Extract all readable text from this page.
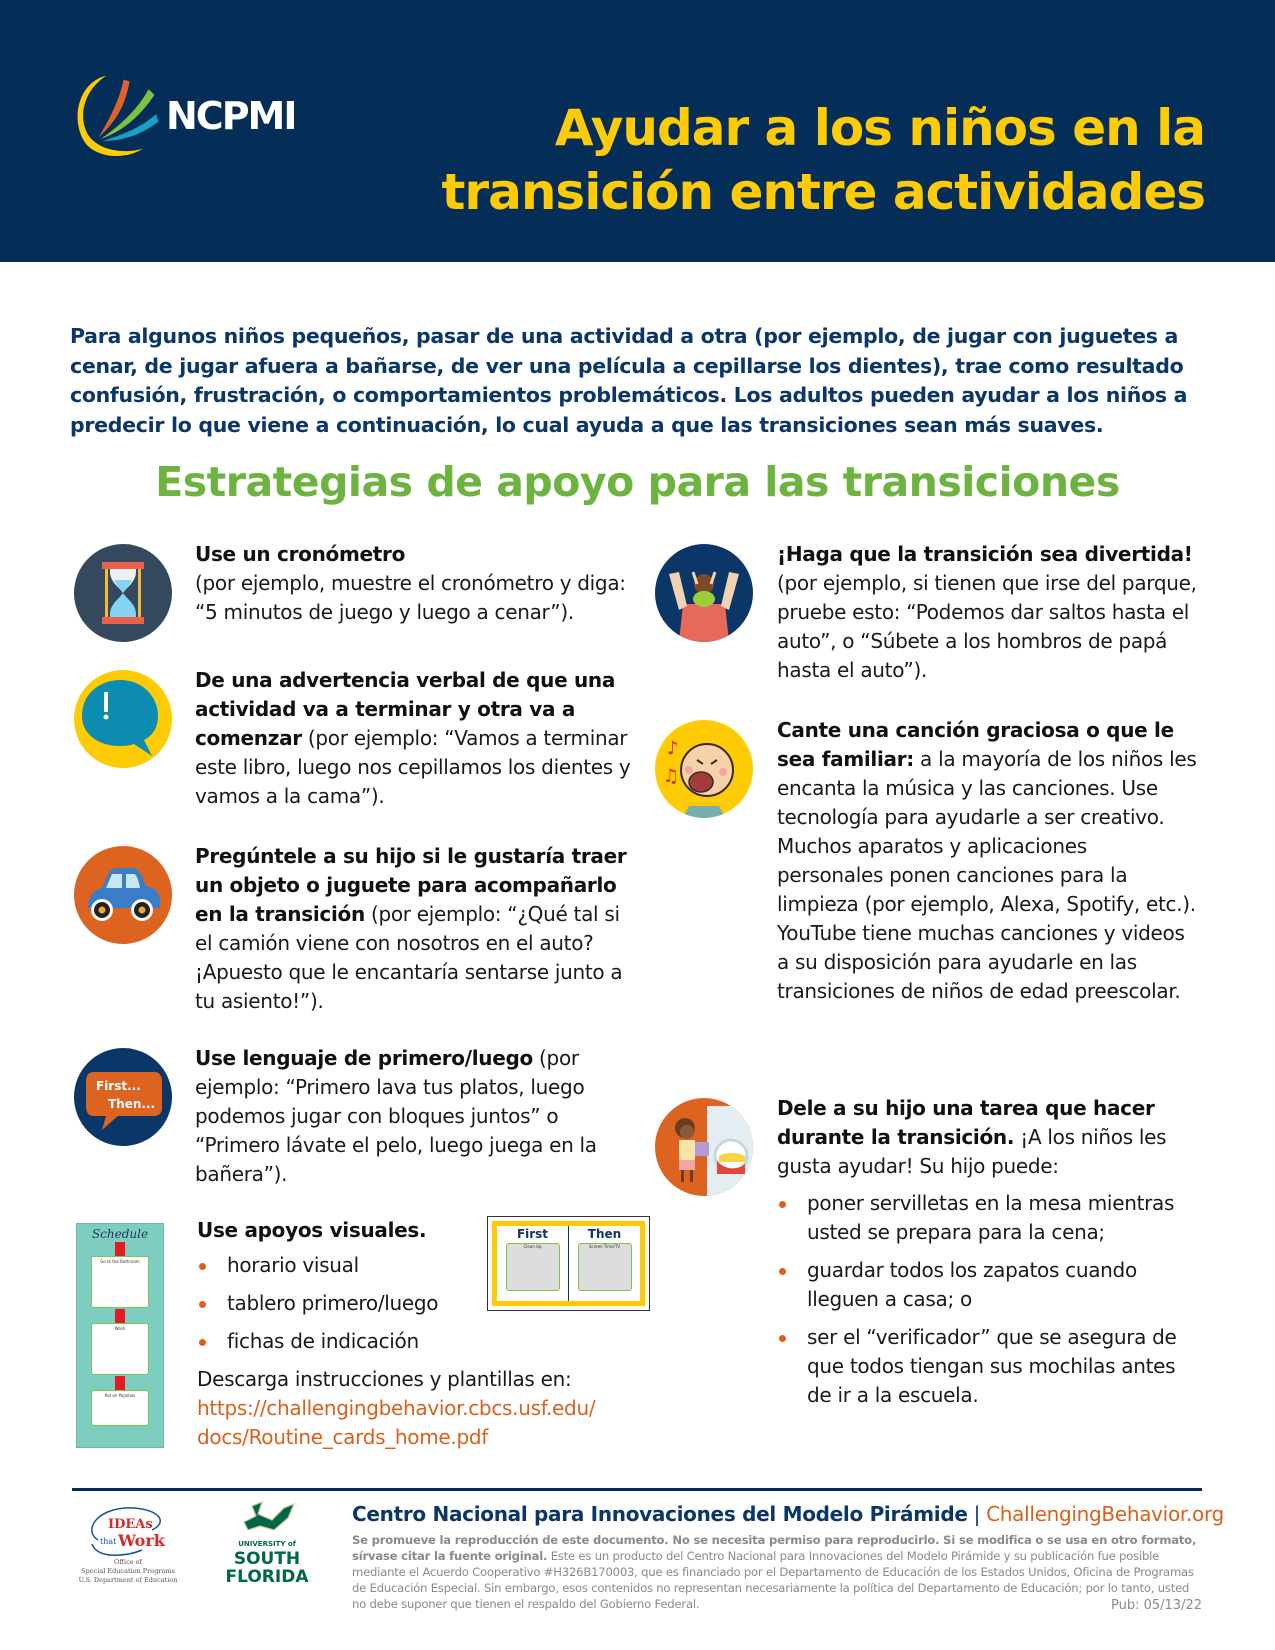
NCPMI	Ayudar a los niños en la
transición entre actividades

Para algunos niños pequeños, pasar de una actividad a otra (por ejemplo, de jugar con juguetes a cenar, de jugar afuera a bañarse, de ver una película a cepillarse los dientes), trae como resultado confusión, frustración, o comportamientos problemáticos. Los adultos pueden ayudar a los niños a predecir lo que viene a continuación, lo cual ayuda a que las transiciones sean más suaves.

Estrategias de apoyo para las transiciones
Use un cronómetro
(por ejemplo, muestre el cronómetro y diga: “5 minutos de juego y luego a cenar”).
De una advertencia verbal de que una actividad va a terminar y otra va a comenzar (por ejemplo: “Vamos a terminar este libro, luego nos cepillamos los dientes y vamos a la cama”).
Pregúntele a su hijo si le gustaría traer un objeto o juguete para acompañarlo en la transición (por ejemplo: “¿Qué tal si el camión viene con nosotros en el auto? ¡Apuesto que le encantaría sentarse junto a tu asiento!”).
First...
Then...
Use lenguaje de primero/luego (por ejemplo: “Primero lava tus platos, luego podemos jugar con bloques juntos” o “Primero lávate el pelo, luego juega en la bañera”).
Schedule
Go to the Bathroom
Wash
Put on Pajamas
Use apoyos visuales.
horario visual
tablero primero/luego
fichas de indicación
Descarga instrucciones y plantillas en:
https://challengingbehavior.cbcs.usf.edu/
docs/Routine_cards_home.pdf
First
Clean Up
Then
Screen Time/TV
¡Haga que la transición sea divertida! (por ejemplo, si tienen que irse del parque, pruebe esto: “Podemos dar saltos hasta el auto”, o “Súbete a los hombros de papá hasta el auto”).
♪
♫
Cante una canción graciosa o que le sea familiar: a la mayoría de los niños les encanta la música y las canciones. Use tecnología para ayudarle a ser creativo. Muchos aparatos y aplicaciones personales ponen canciones para la limpieza (por ejemplo, Alexa, Spotify, etc.). YouTube tiene muchas canciones y videos a su disposición para ayudarle en las transiciones de niños de edad preescolar.
Dele a su hijo una tarea que hacer durante la transición. ¡A los niños les gusta ayudar! Su hijo puede:
poner servilletas en la mesa mientras usted se prepara para la cena;
guardar todos los zapatos cuando lleguen a casa; o
ser el “verificador” que se asegura de que todos tiengan sus mochilas antes de ir a la escuela.
IDEAs
that Work
Office of
Special Education Programs
U.S. Department of Education
UNIVERSITY of
SOUTH
FLORIDA
Centro Nacional para Innovaciones del Modelo Pirámide | ChallengingBehavior.org
Se promueve la reproducción de este documento. No se necesita permiso para reproducirlo. Si se modifica o se usa en otro formato, sírvase citar la fuente original. Este es un producto del Centro Nacional para Innovaciones del Modelo Pirámide y su publicación fue posible mediante el Acuerdo Cooperativo #H326B170003, que es financiado por el Departamento de Educación de los Estados Unidos, Oficina de Programas de Educación Especial. Sin embargo, esos contenidos no representan necesariamente la política del Departamento de Educación; por lo tanto, usted no debe suponer que tienen el respaldo del Gobierno Federal.	Pub: 05/13/22
